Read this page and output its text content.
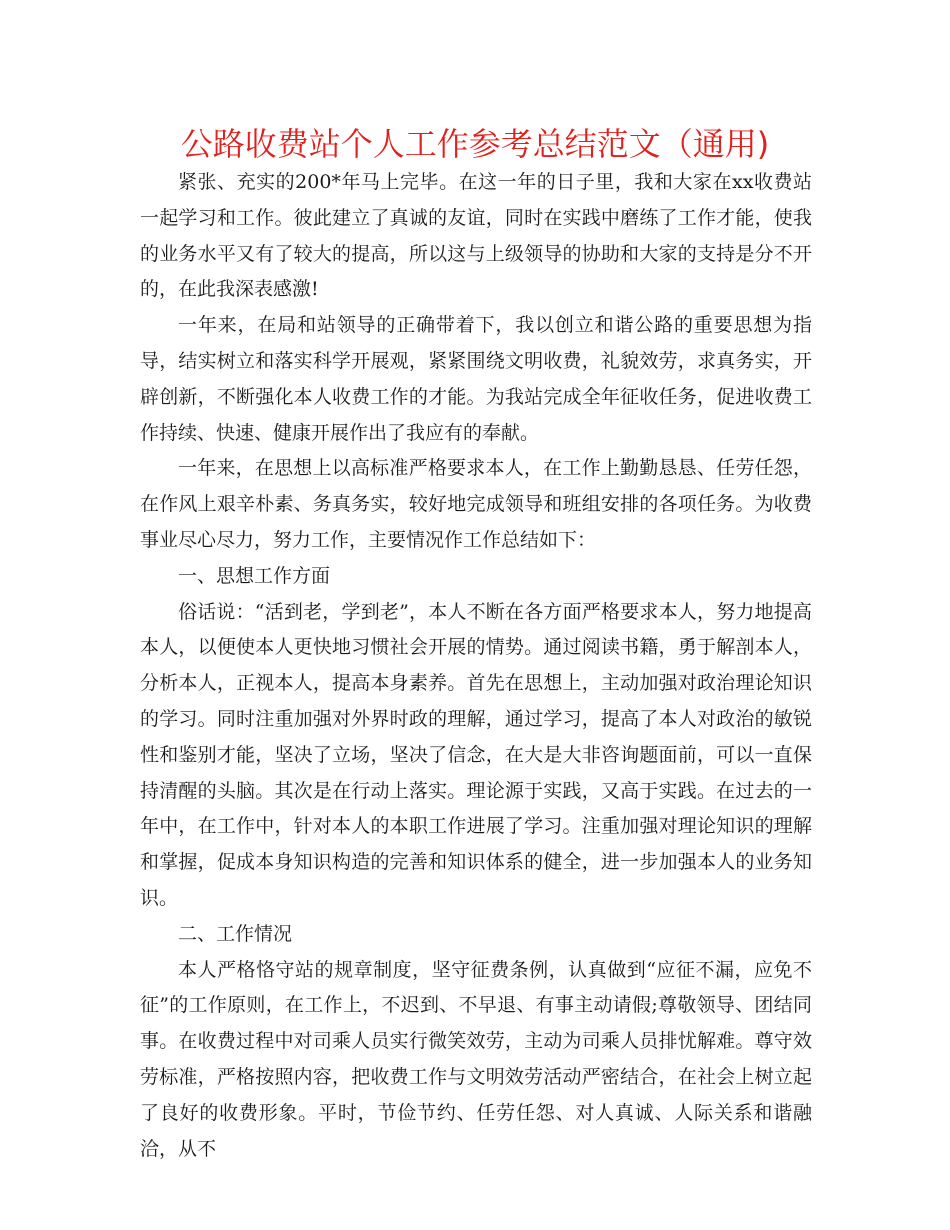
公路收费站个人工作参考总结范文（通用)

紧张、充实的200*年马上完毕。在这一年的日子里，我和大家在xx收费站一起学习和工作。彼此建立了真诚的友谊，同时在实践中磨练了工作才能，使我的业务水平又有了较大的提高，所以这与上级领导的协助和大家的支持是分不开的，在此我深表感激!

一年来，在局和站领导的正确带着下，我以创立和谐公路的重要思想为指导，结实树立和落实科学开展观，紧紧围绕文明收费，礼貌效劳，求真务实，开辟创新，不断强化本人收费工作的才能。为我站完成全年征收任务，促进收费工作持续、快速、健康开展作出了我应有的奉献。

一年来，在思想上以高标准严格要求本人，在工作上勤勤恳恳、任劳任怨，在作风上艰辛朴素、务真务实，较好地完成领导和班组安排的各项任务。为收费事业尽心尽力，努力工作，主要情况作工作总结如下：

一、思想工作方面

俗话说：“活到老，学到老”，本人不断在各方面严格要求本人，努力地提高本人，以便使本人更快地习惯社会开展的情势。通过阅读书籍，勇于解剖本人，分析本人，正视本人，提高本身素养。首先在思想上，主动加强对政治理论知识的学习。同时注重加强对外界时政的理解，通过学习，提高了本人对政治的敏锐性和鉴别才能，坚决了立场，坚决了信念，在大是大非咨询题面前，可以一直保持清醒的头脑。其次是在行动上落实。理论源于实践，又高于实践。在过去的一年中，在工作中，针对本人的本职工作进展了学习。注重加强对理论知识的理解和掌握，促成本身知识构造的完善和知识体系的健全，进一步加强本人的业务知识。

二、工作情况

本人严格恪守站的规章制度，坚守征费条例，认真做到“应征不漏，应免不征”的工作原则，在工作上，不迟到、不早退、有事主动请假;尊敬领导、团结同事。在收费过程中对司乘人员实行微笑效劳，主动为司乘人员排忧解难。尊守效劳标准，严格按照内容，把收费工作与文明效劳活动严密结合，在社会上树立起了良好的收费形象。平时，节俭节约、任劳任怨、对人真诚、人际关系和谐融洽，从不
